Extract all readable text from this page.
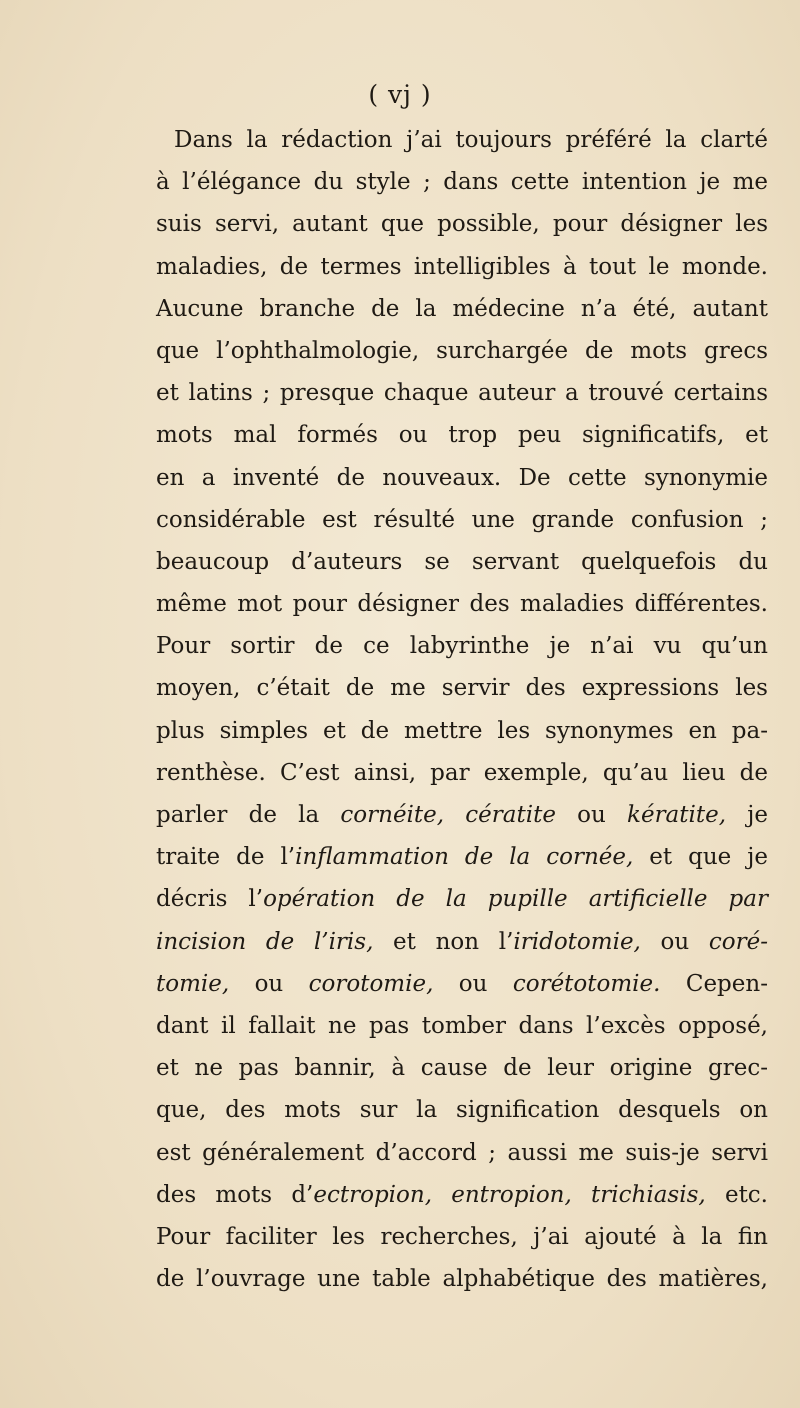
( vj )
Dans la rédaction j’ai toujours préféré la clarté
à l’élégance du style ; dans cette intention je me
suis servi, autant que possible, pour désigner les
maladies, de termes intelligibles à tout le monde.
Aucune branche de la médecine n’a été, autant
que l’ophthalmologie, surchargée de mots grecs
et latins ; presque chaque auteur a trouvé certains
mots mal formés ou trop peu significatifs, et
en a inventé de nouveaux. De cette synonymie
considérable est résulté une grande confusion ;
beaucoup d’auteurs se servant quelquefois du
même mot pour désigner des maladies différentes.
Pour sortir de ce labyrinthe je n’ai vu qu’un
moyen, c’était de me servir des expressions les
plus simples et de mettre les synonymes en pa-
renthèse. C’est ainsi, par exemple, qu’au lieu de
parler de la cornéite, cératite ou kératite, je
traite de l’inflammation de la cornée, et que je
décris l’opération de la pupille artificielle par
incision de l’iris, et non l’iridotomie, ou coré-
tomie, ou corotomie, ou corétotomie. Cepen-
dant il fallait ne pas tomber dans l’excès opposé,
et ne pas bannir, à cause de leur origine grec-
que, des mots sur la signification desquels on
est généralement d’accord ; aussi me suis-je servi
des mots d’ectropion, entropion, trichiasis, etc.
Pour faciliter les recherches, j’ai ajouté à la fin
de l’ouvrage une table alphabétique des matières,
